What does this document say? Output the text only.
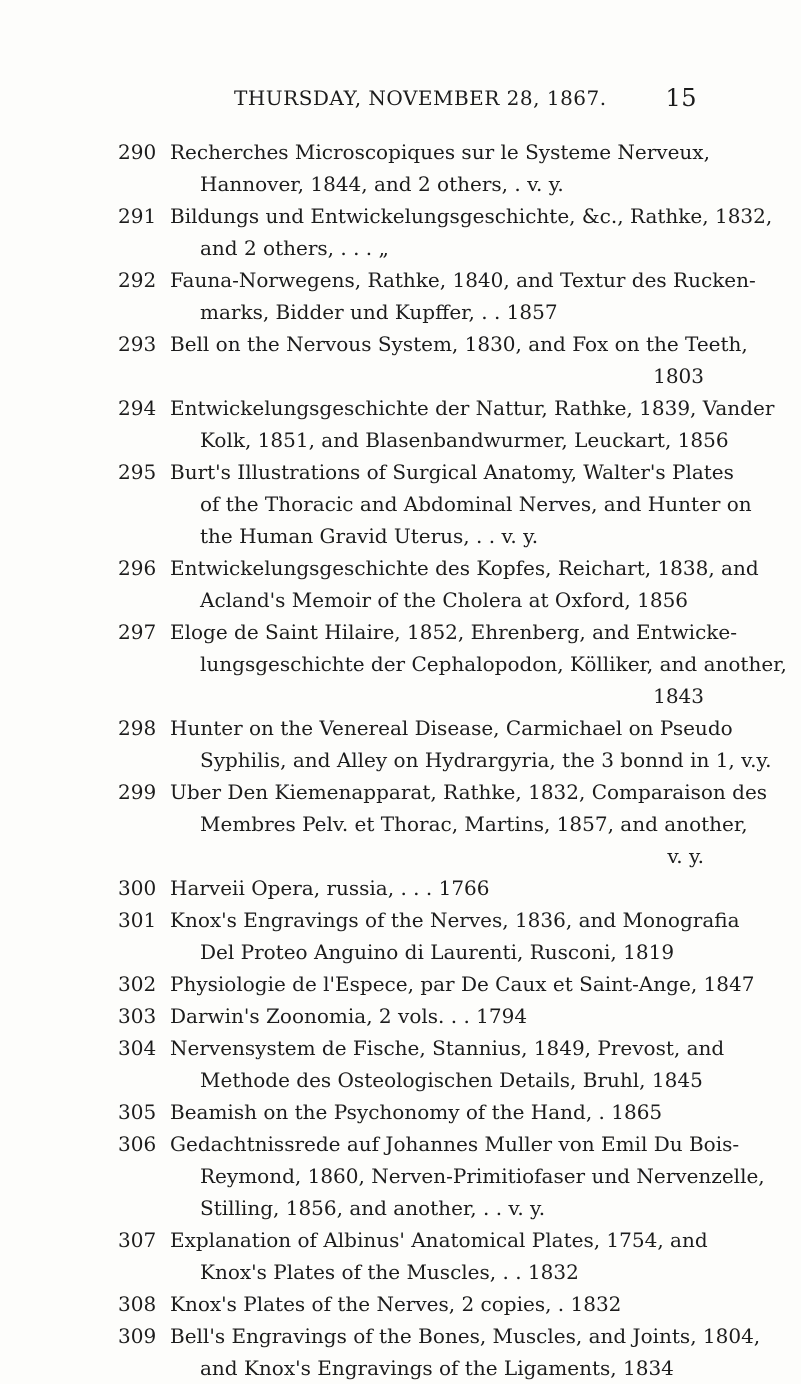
THURSDAY, NOVEMBER 28, 1867. 15
290 Recherches Microscopiques sur le Systeme Nerveux,
Hannover, 1844, and 2 others, . v. y.
291 Bildungs und Entwickelungsgeschichte, &c., Rathke, 1832,
and 2 others, . . . „
292 Fauna-Norwegens, Rathke, 1840, and Textur des Rucken-
marks, Bidder und Kupffer, . . 1857
293 Bell on the Nervous System, 1830, and Fox on the Teeth,
1803
294 Entwickelungsgeschichte der Nattur, Rathke, 1839, Vander
Kolk, 1851, and Blasenbandwurmer, Leuckart, 1856
295 Burt's Illustrations of Surgical Anatomy, Walter's Plates
of the Thoracic and Abdominal Nerves, and Hunter on
the Human Gravid Uterus, . . v. y.
296 Entwickelungsgeschichte des Kopfes, Reichart, 1838, and
Acland's Memoir of the Cholera at Oxford, 1856
297 Eloge de Saint Hilaire, 1852, Ehrenberg, and Entwicke-
lungsgeschichte der Cephalopodon, Kölliker, and another,
1843
298 Hunter on the Venereal Disease, Carmichael on Pseudo
Syphilis, and Alley on Hydrargyria, the 3 bonnd in 1, v.y.
299 Uber Den Kiemenapparat, Rathke, 1832, Comparaison des
Membres Pelv. et Thorac, Martins, 1857, and another,
v. y.
300 Harveii Opera, russia, . . . 1766
301 Knox's Engravings of the Nerves, 1836, and Monografia
Del Proteo Anguino di Laurenti, Rusconi, 1819
302 Physiologie de l'Espece, par De Caux et Saint-Ange, 1847
303 Darwin's Zoonomia, 2 vols. . . 1794
304 Nervensystem de Fische, Stannius, 1849, Prevost, and
Methode des Osteologischen Details, Bruhl, 1845
305 Beamish on the Psychonomy of the Hand, . 1865
306 Gedachtnissrede auf Johannes Muller von Emil Du Bois-
Reymond, 1860, Nerven-Primitiofaser und Nervenzelle,
Stilling, 1856, and another, . . v. y.
307 Explanation of Albinus' Anatomical Plates, 1754, and
Knox's Plates of the Muscles, . . 1832
308 Knox's Plates of the Nerves, 2 copies, . 1832
309 Bell's Engravings of the Bones, Muscles, and Joints, 1804,
and Knox's Engravings of the Ligaments, 1834
